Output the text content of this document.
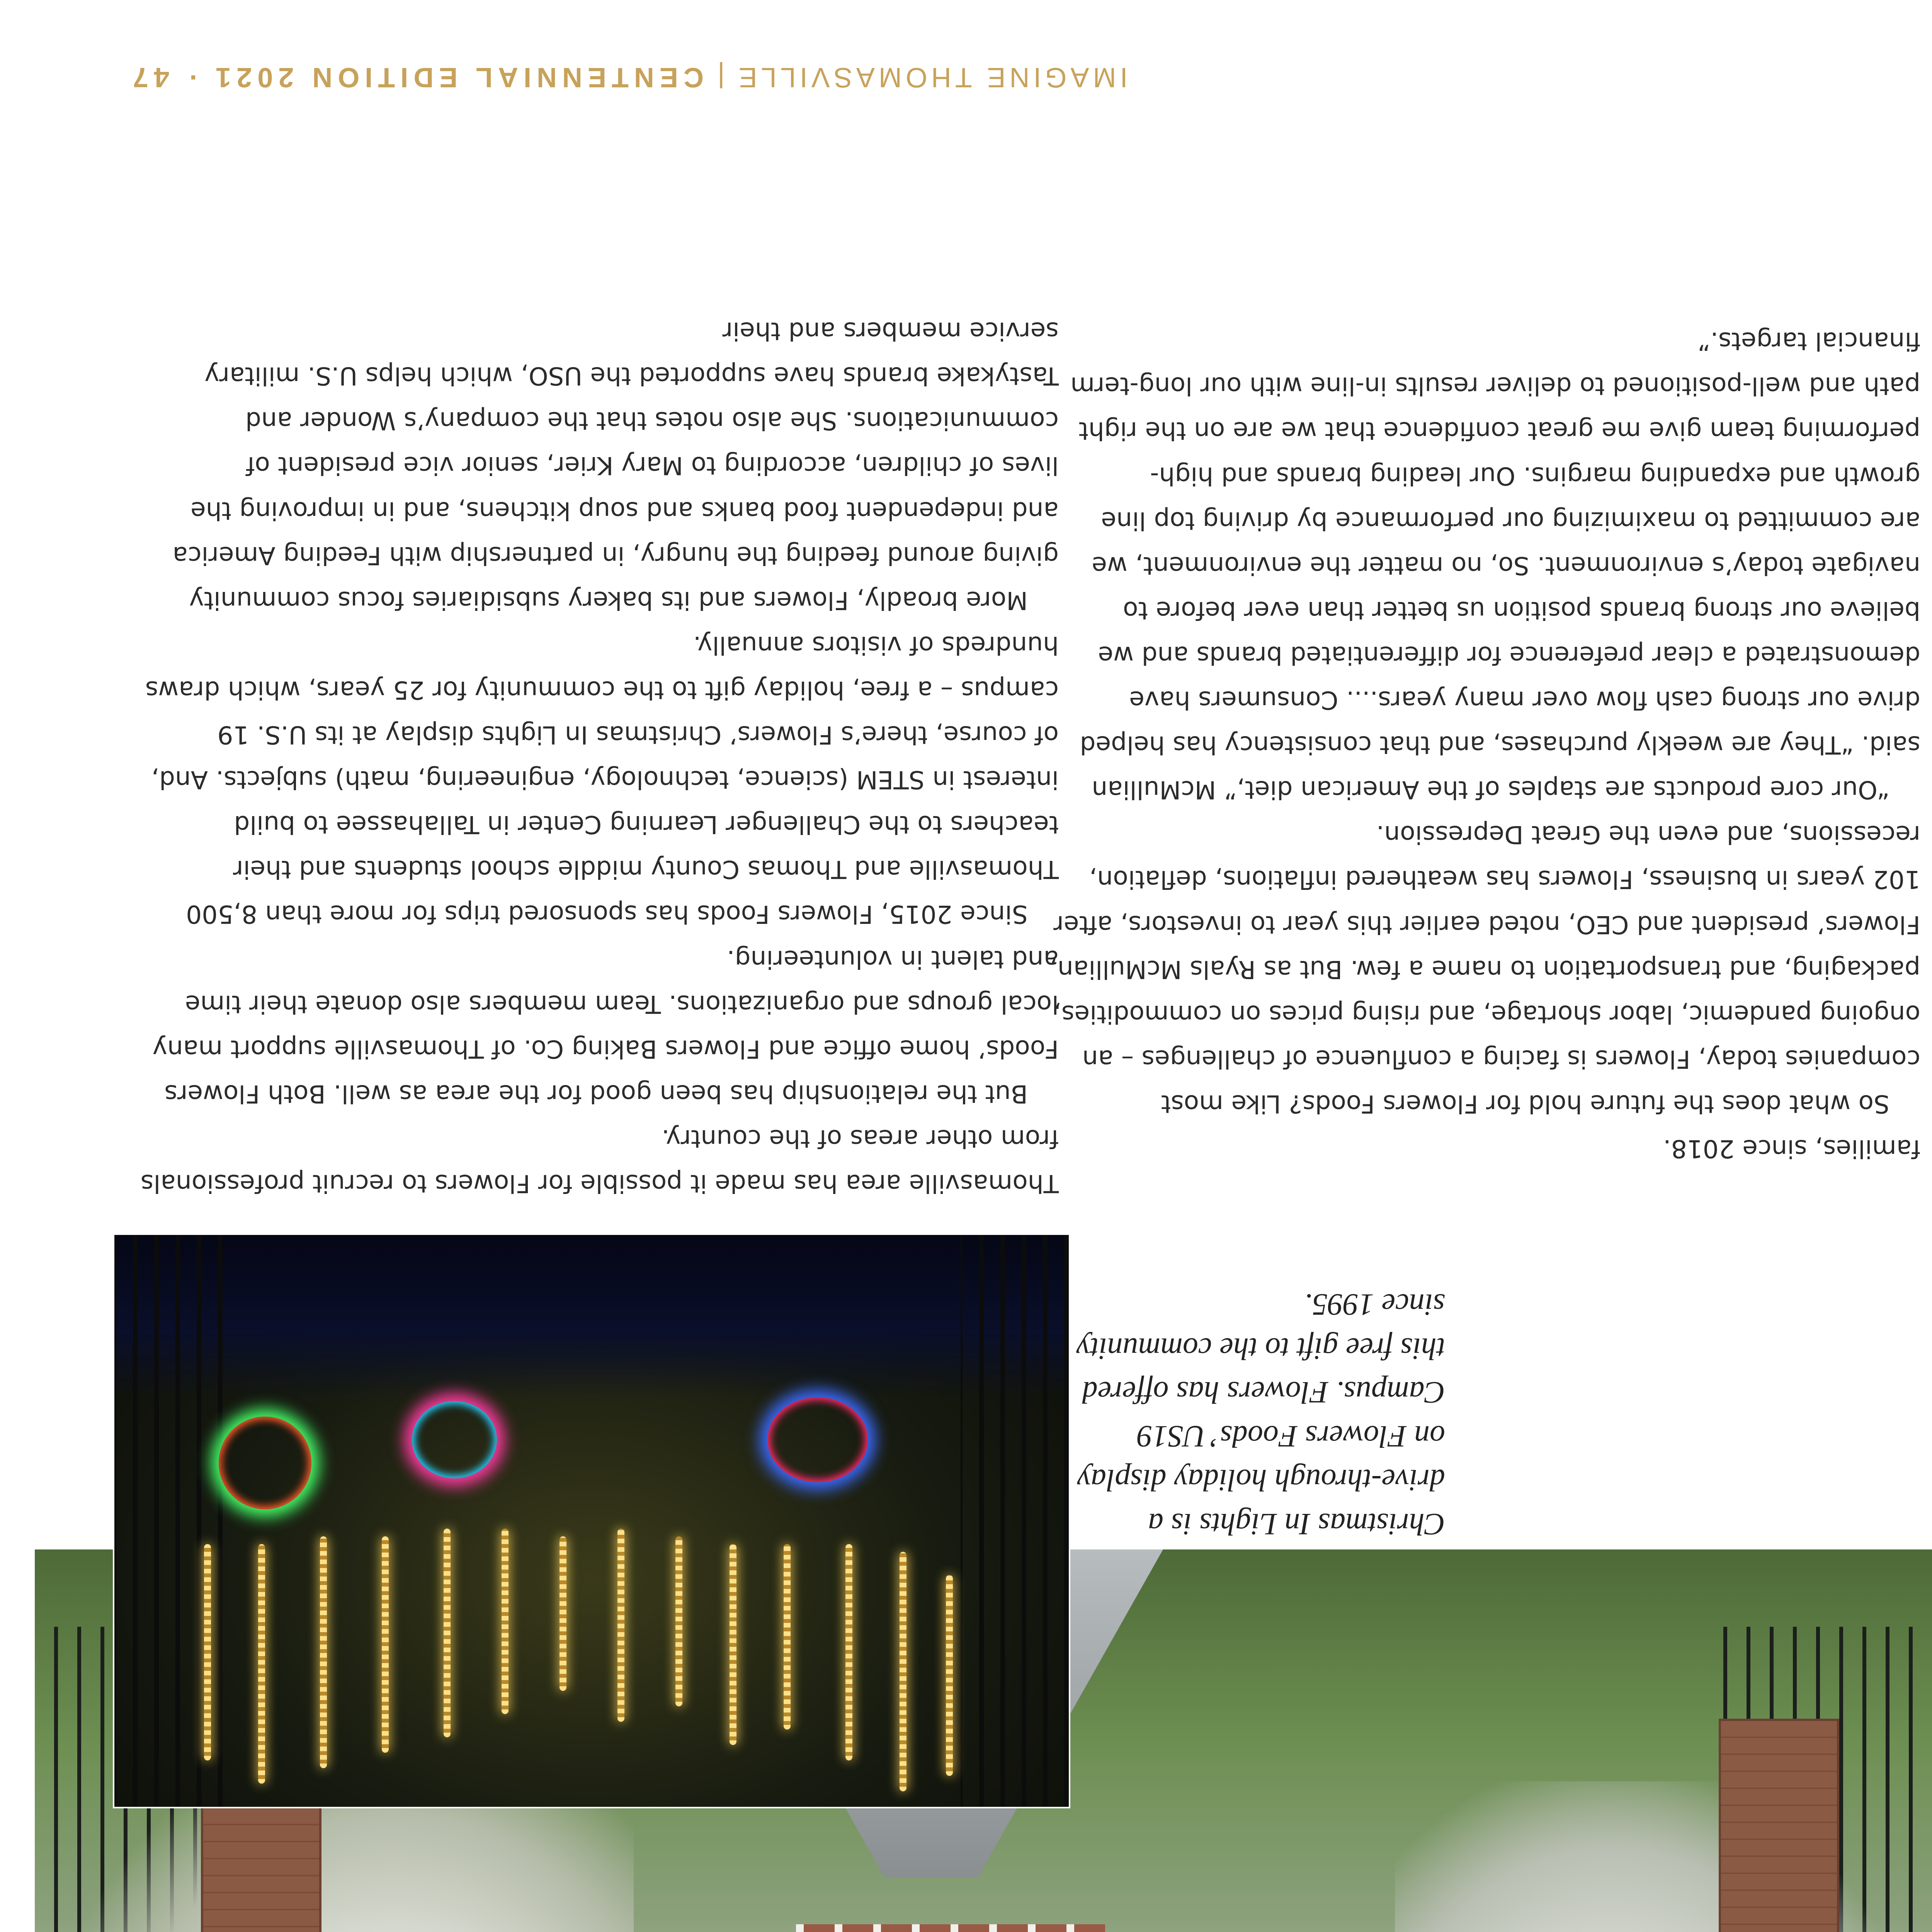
IMAGINE THOMASVILLE
|
CENTENNIAL EDITION 2021 · 47

Thomasville area has made it possible for Flowers to recruit professionals from other areas of the country.

But the relationship has been good for the area as well. Both Flowers Foods’ home office and Flowers Baking Co. of Thomasville support many local groups and organizations. Team members also donate their time and talent in volunteering.

Since 2015, Flowers Foods has sponsored trips for more than 8,500 Thomasville and Thomas County middle school students and their teachers to the Challenger Learning Center in Tallahassee to build interest in STEM (science, technology, engineering, math) subjects. And, of course, there’s Flowers’ Christmas In Lights display at its U.S. 19 campus – a free, holiday gift to the community for 25 years, which draws hundreds of visitors annually.

More broadly, Flowers and its bakery subsidiaries focus community giving around feeding the hungry, in partnership with Feeding America and independent food banks and soup kitchens, and in improving the lives of children, according to Mary Krier, senior vice president of communications. She also notes that the company’s Wonder and Tastykake brands have supported the USO, which helps U.S. military service members and their

families, since 2018.

So what does the future hold for Flowers Foods? Like most companies today, Flowers is facing a confluence of challenges – an ongoing pandemic, labor shortage, and rising prices on commodities, packaging, and transportation to name a few. But as Ryals McMullian, Flowers’ president and CEO, noted earlier this year to investors, after 102 years in business, Flowers has weathered inflations, deflation, recessions, and even the Great Depression.

“Our core products are staples of the American diet,” McMullian said. “They are weekly purchases, and that consistency has helped drive our strong cash flow over many years.... Consumers have demonstrated a clear preference for differentiated brands and we believe our strong brands position us better than ever before to navigate today’s environment. So, no matter the environment, we are committed to maximizing our performance by driving top line growth and expanding margins. Our leading brands and high-performing team give me great confidence that we are on the right path and well-positioned to deliver results in-line with our long-term financial targets.”

Christmas In Lights is a drive-through holiday display on Flowers Foods’ US19 Campus. Flowers has offered this free gift to the community since 1995.
